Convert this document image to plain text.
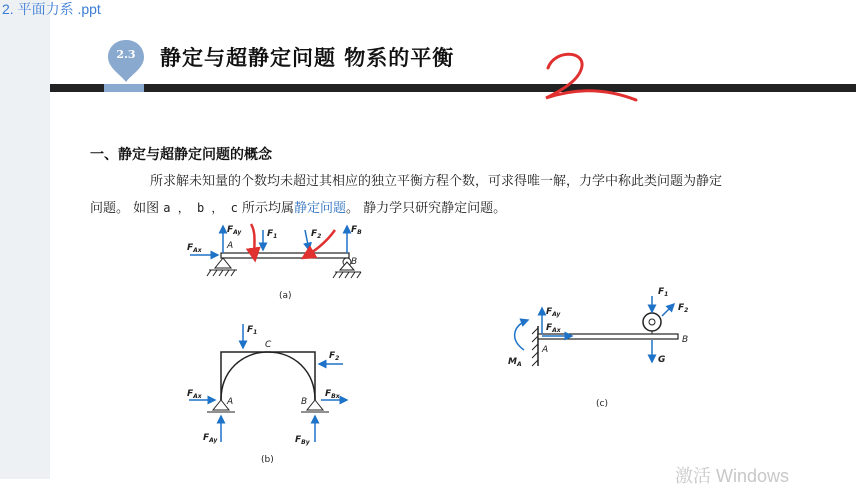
2. 平面力系 .ppt
2.3	静定与超静定问题 物系的平衡
一、静定与超静定问题的概念
所求解未知量的个数均未超过其相应的独立平衡方程个数，可求得唯一解，力学中称此类问题为静定
问题。 如图 a ， b ， c 所示均属静定问题。 静力学只研究静定问题。
$F_{Ax}$
$F_{Ay}$
A
$F_1$	$F_2$
$F_B$
B
(a)
$F_1$
C
$F_2$
$F_{Ax}$
A	B
$F_{Bx}$
$F_{Ay}$	$F_{By}$
(b)
$F_{Ay}$
$F_{Ax}$
$M_A$
A
B
$F_1$
$F_2$
G
(c)
激活 Windows
